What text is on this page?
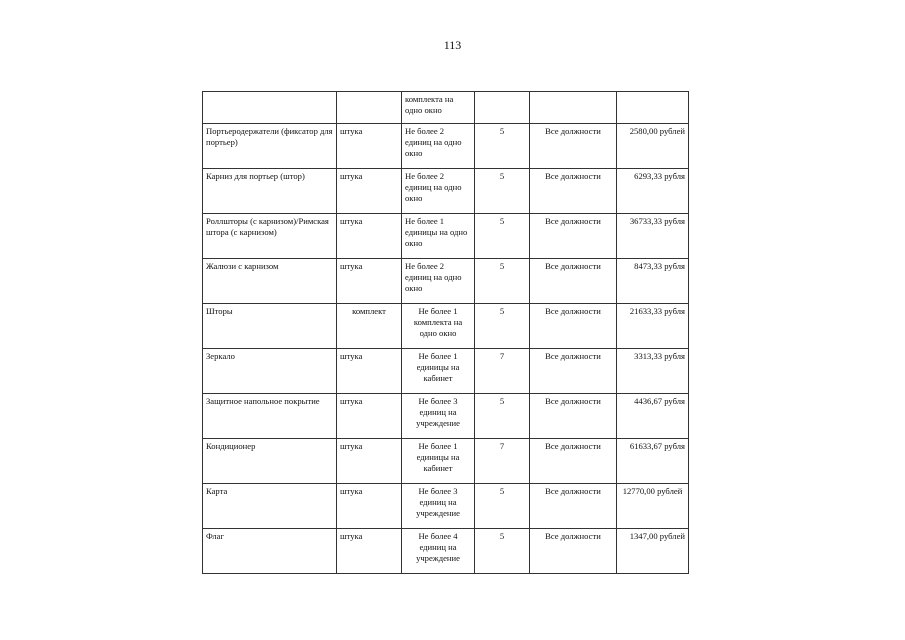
113
		комплекта на одно окно			
Портьеродержатели (фиксатор для портьер)	штука	Не более 2 единиц на одно окно	5	Все должности	2580,00 рублей
Карниз для портьер (штор)	штука	Не более 2 единиц на одно окно	5	Все должности	6293,33 рубля
Роллшторы (с карнизом)/Римская штора (с карнизом)	штука	Не более 1 единицы на одно окно	5	Все должности	36733,33 рубля
Жалюзи с карнизом	штука	Не более 2 единиц на одно окно	5	Все должности	8473,33 рубля
Шторы	комплект	Не более 1 комплекта на одно окно	5	Все должности	21633,33 рубля
Зеркало	штука	Не более 1 единицы на кабинет	7	Все должности	3313,33 рубля
Защитное напольное покрытие	штука	Не более 3 единиц на учреждение	5	Все должности	4436,67 рубля
Кондиционер	штука	Не более 1 единицы на кабинет	7	Все должности	61633,67 рубля
Карта	штука	Не более 3 единиц на учреждение	5	Все должности	12770,00 рублей
Флаг	штука	Не более 4 единиц на учреждение	5	Все должности	1347,00 рублей
